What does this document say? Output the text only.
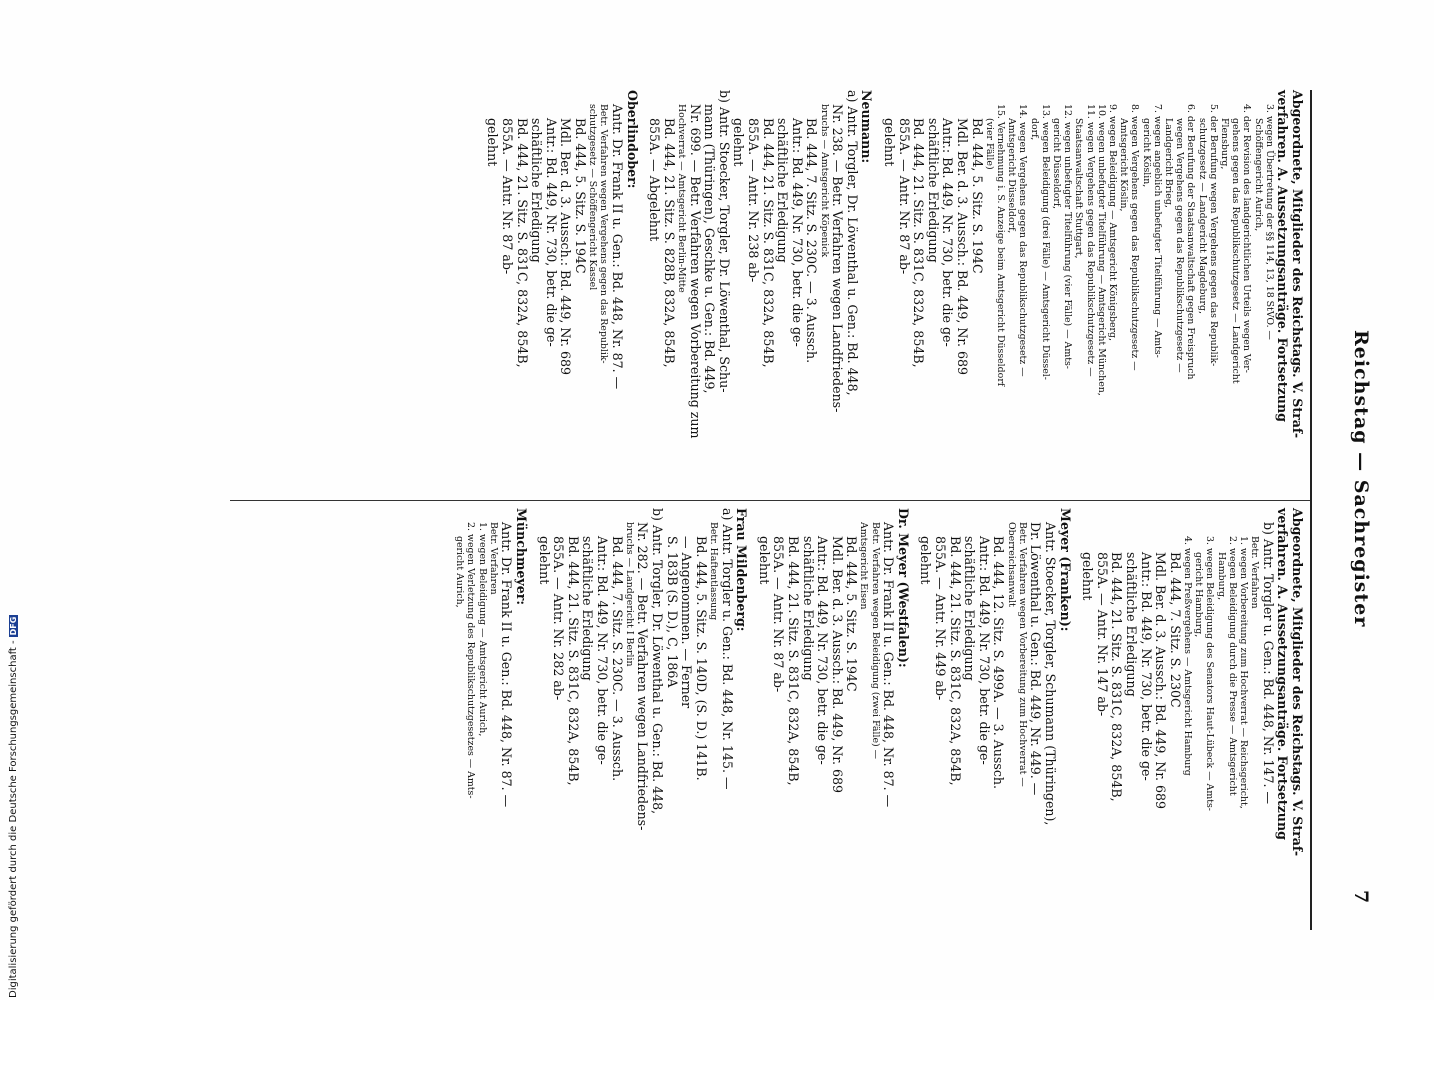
Reichstag — Sachregister
7
Abgeordnete, Mitglieder des Reichstags. V. Straf-
verfahren. A. Aussetzungsanträge. Fortsetzung
3. wegen Übertretung der §§ 114, 13, 18 StVO. —
Schöffengericht Aurich,
4. der Revision des landgerichtlichen Urteils wegen Ver-
gehens gegen das Republikschutzgesetz — Landgericht
Flensburg,
5. der Berufung wegen Vergehens gegen das Republik-
schutzgesetz — Landgericht Magdeburg,
6. der Berufung der Staatsanwaltschaft gegen Freispruch
wegen Vergehens gegen das Republikschutzgesetz —
Landgericht Brieg,
7. wegen angeblich unbefugter Titelführung — Amts-
gericht Köslin,
8. wegen Vergehens gegen das Republikschutzgesetz —
Amtsgericht Köslin,
9. wegen Beleidigung — Amtsgericht Königsberg,
10. wegen unbefugter Titelführung — Amtsgericht München,
11. wegen Vergehens gegen das Republikschutzgesetz —
Staatsanwaltschaft Stuttgart,
12. wegen unbefugter Titelführung (vier Fälle) — Amts-
gericht Düsseldorf,
13. wegen Beleidigung (drei Fälle) — Amtsgericht Düssel-
dorf,
14. wegen Vergehens gegen das Republikschutzgesetz —
Amtsgericht Düsseldorf,
15. Vernehmung i. S. Anzeige beim Amtsgericht Düsseldorf
(vier Fälle)
Bd. 444, 5. Sitz. S. 194C
Mdl. Ber. d. 3. Aussch.: Bd. 449, Nr. 689
Antr.: Bd. 449, Nr. 730, betr. die ge-
schäftliche Erledigung
Bd. 444, 21. Sitz. S. 831C, 832A, 854B,
855A. — Antr. Nr. 87 ab-
gelehnt
Neumann:
a) Antr. Torgler, Dr. Löwenthal u. Gen.: Bd. 448,
Nr. 238. — Betr. Verfahren wegen Landfriedens-
bruchs — Amtsgericht Köpenick
Bd. 444, 7. Sitz. S. 230C. — 3. Aussch.
Antr.: Bd. 449, Nr. 730, betr. die ge-
schäftliche Erledigung
Bd. 444, 21. Sitz. S. 831C, 832A, 854B,
855A. — Antr. Nr. 238 ab-
gelehnt
b) Antr. Stoecker, Torgler, Dr. Löwenthal, Schu-
mann (Thüringen), Geschke u. Gen.: Bd. 449,
Nr. 699. — Betr. Verfahren wegen Vorbereitung zum
Hochverrat — Amtsgericht Berlin-Mitte
Bd. 444, 21. Sitz. S. 828B, 832A, 854B,
855A. — Abgelehnt
Oberlindober:
Antr. Dr. Frank II u. Gen.: Bd. 448, Nr. 87. —
Betr. Verfahren wegen Vergehens gegen das Republik-
schutzgesetz — Schöffengericht Kassel
Bd. 444, 5. Sitz. S. 194C
Mdl. Ber. d. 3. Aussch.: Bd. 449, Nr. 689
Antr.: Bd. 449, Nr. 730, betr. die ge-
schäftliche Erledigung
Bd. 444, 21. Sitz. S. 831C, 832A, 854B,
855A. — Antr. Nr. 87 ab-
gelehnt
Abgeordnete, Mitglieder des Reichstags. V. Straf-
verfahren. A. Aussetzungsanträge. Fortsetzung
b) Antr. Torgler u. Gen.: Bd. 448, Nr. 147. —
Betr. Verfahren
1. wegen Vorbereitung zum Hochverrat — Reichsgericht,
2. wegen Beleidigung durch die Presse — Amtsgericht
Hamburg,
3. wegen Beleidigung des Senators Haut-Lübeck — Amts-
gericht Hamburg,
4. wegen Preßvergehens — Amtsgericht Hamburg
Bd. 444, 7. Sitz. S. 230C
Mdl. Ber. d. 3. Aussch.: Bd. 449, Nr. 689
Antr.: Bd. 449, Nr. 730, betr. die ge-
schäftliche Erledigung
Bd. 444, 21. Sitz. S. 831C, 832A, 854B,
855A. — Antr. Nr. 147 ab-
gelehnt
Meyer (Franken):
Antr. Stoecker, Torgler, Schumann (Thüringen),
Dr. Löwenthal u. Gen.: Bd. 449, Nr. 449. —
Betr. Verfahren wegen Vorbereitung zum Hochverrat —
Oberreichsanwalt
Bd. 444, 12. Sitz. S. 499A. — 3. Aussch.
Antr.: Bd. 449, Nr. 730, betr. die ge-
schäftliche Erledigung
Bd. 444, 21. Sitz. S. 831C, 832A, 854B,
855A. — Antr. Nr. 449 ab-
gelehnt
Dr. Meyer (Westfalen):
Antr. Dr. Frank II u. Gen.: Bd. 448, Nr. 87. —
Betr. Verfahren wegen Beleidigung (zwei Fälle) —
Amtsgericht Eisen
Bd. 444, 5. Sitz. S. 194C
Mdl. Ber. d. 3. Aussch.: Bd. 449, Nr. 689
Antr.: Bd. 449, Nr. 730, betr. die ge-
schäftliche Erledigung
Bd. 444, 21. Sitz. S. 831C, 832A, 854B,
855A. — Antr. Nr. 87 ab-
gelehnt
Frau Mildenberg:
a) Antr. Torgler u. Gen.: Bd. 448, Nr. 145. —
Betr. Haftentlassung
Bd. 444, 5. Sitz. S. 140D, (S. D.) 141B.
— Angenommen. — Ferner
S. 183B (S. D.), C, 186A
b) Antr. Torgler, Dr. Löwenthal u. Gen.: Bd. 448,
Nr. 282. — Betr. Verfahren wegen Landfriedens-
bruchs — Landgericht I Berlin
Bd. 444, 7. Sitz. S. 230C. — 3. Aussch.
Antr.: Bd. 449, Nr. 730, betr. die ge-
schäftliche Erledigung
Bd. 444, 21. Sitz. S. 831C, 832A, 854B,
855A. — Antr. Nr. 282 ab-
gelehnt
Münchmeyer:
Antr. Dr. Frank II u. Gen.: Bd. 448, Nr. 87. —
Betr. Verfahren
1. wegen Beleidigung — Amtsgericht Aurich,
2. wegen Verletzung des Republikschutzgesetzes — Amts-
gericht Aurich,
Digitalisierung gefördert durch die Deutsche Forschungsgemeinschaft -DFG
